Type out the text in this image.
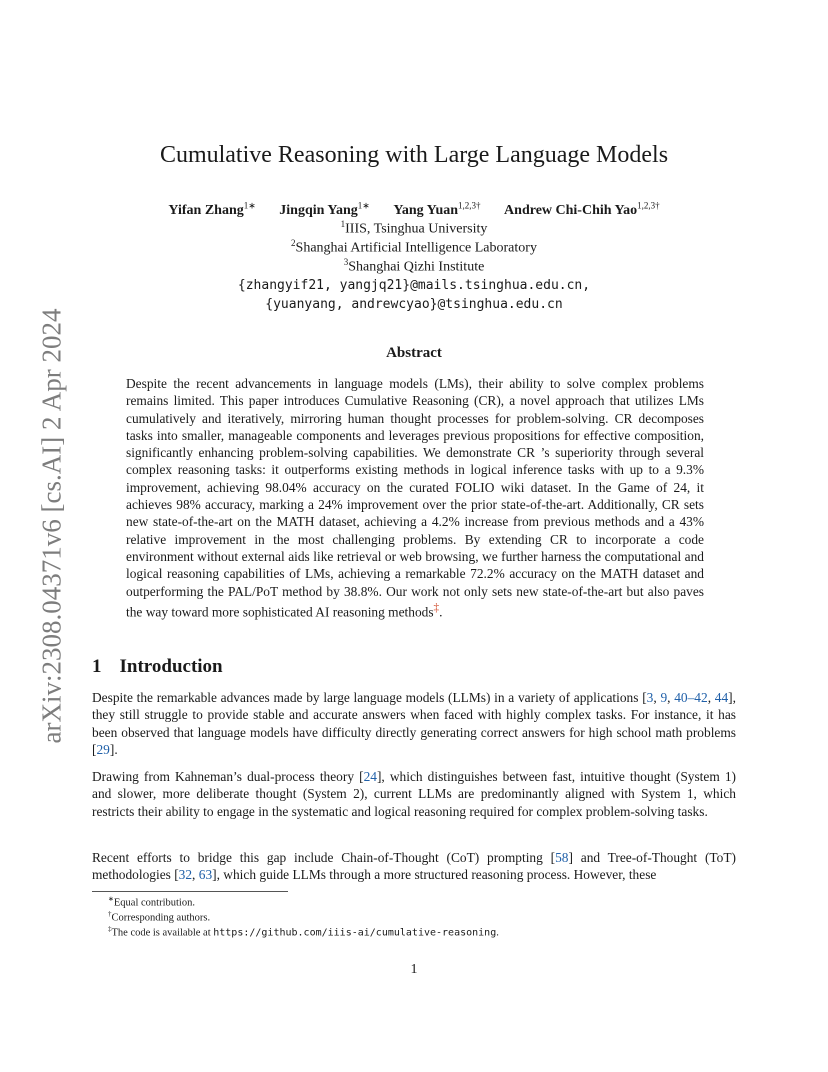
arXiv:2308.04371v6 [cs.AI] 2 Apr 2024
Cumulative Reasoning with Large Language Models
Yifan Zhang$^{1∗}$ Jingqin Yang$^{1∗}$ Yang Yuan$^{1,2,3\dagger}$ Andrew Chi-Chih Yao$^{1,2,3\dagger}$
$^1$IIIS, Tsinghua University
$^2$Shanghai Artificial Intelligence Laboratory
$^3$Shanghai Qizhi Institute
{zhangyif21, yangjq21}@mails.tsinghua.edu.cn,
{yuanyang, andrewcyao}@tsinghua.edu.cn
Abstract
Despite the recent advancements in language models (LMs), their ability to solve complex problems remains limited. This paper introduces Cumulative Reasoning (CR), a novel approach that utilizes LMs cumulatively and iteratively, mirroring human thought processes for problem-solving. CR decomposes tasks into smaller, manageable components and leverages previous propositions for effective composition, significantly enhancing problem-solving capabilities. We demonstrate CR ’s superiority through several complex reasoning tasks: it outperforms existing methods in logical inference tasks with up to a 9.3% improvement, achieving 98.04% accuracy on the curated FOLIO wiki dataset. In the Game of 24, it achieves 98% accuracy, marking a 24% improvement over the prior state-of-the-art. Additionally, CR sets new state-of-the-art on the MATH dataset, achieving a 4.2% increase from previous methods and a 43% relative improvement in the most challenging problems. By extending CR to incorporate a code environment without external aids like retrieval or web browsing, we further harness the computational and logical reasoning capabilities of LMs, achieving a remarkable 72.2% accuracy on the MATH dataset and outperforming the PAL/PoT method by 38.8%. Our work not only sets new state-of-the-art but also paves the way toward more sophisticated AI reasoning methods‡.
1 Introduction
Despite the remarkable advances made by large language models (LLMs) in a variety of applications [3, 9, 40–42, 44], they still struggle to provide stable and accurate answers when faced with highly complex tasks. For instance, it has been observed that language models have difficulty directly generating correct answers for high school math problems [29].
Drawing from Kahneman’s dual-process theory [24], which distinguishes between fast, intuitive thought (System 1) and slower, more deliberate thought (System 2), current LLMs are predominantly aligned with System 1, which restricts their ability to engage in the systematic and logical reasoning required for complex problem-solving tasks.
Recent efforts to bridge this gap include Chain-of-Thought (CoT) prompting [58] and Tree-of-Thought (ToT) methodologies [32, 63], which guide LLMs through a more structured reasoning process. However, these
∗Equal contribution.
†Corresponding authors.
‡The code is available at https://github.com/iiis-ai/cumulative-reasoning.
1
